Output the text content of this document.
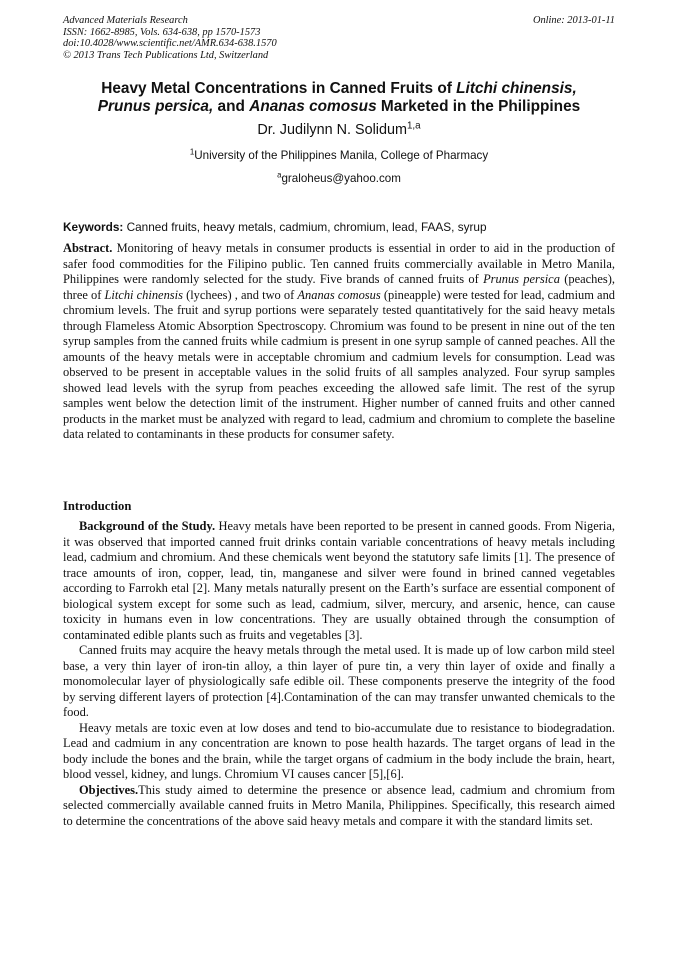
Advanced Materials Research
ISSN: 1662-8985, Vols. 634-638, pp 1570-1573
doi:10.4028/www.scientific.net/AMR.634-638.1570
© 2013 Trans Tech Publications Ltd, Switzerland
Online: 2013-01-11
Heavy Metal Concentrations in Canned Fruits of Litchi chinensis,
Prunus persica, and Ananas comosus Marketed in the Philippines
Dr. Judilynn N. Solidum$^{1,a}$
$^1$University of the Philippines Manila, College of Pharmacy
$^a$graloheus@yahoo.com
Keywords: Canned fruits, heavy metals, cadmium, chromium, lead, FAAS, syrup

Abstract. Monitoring of heavy metals in consumer products is essential in order to aid in the production of safer food commodities for the Filipino public. Ten canned fruits commercially available in Metro Manila, Philippines were randomly selected for the study. Five brands of canned fruits of Prunus persica (peaches), three of Litchi chinensis (lychees) , and two of Ananas comosus (pineapple) were tested for lead, cadmium and chromium levels. The fruit and syrup portions were separately tested quantitatively for the said heavy metals through Flameless Atomic Absorption Spectroscopy. Chromium was found to be present in nine out of the ten syrup samples from the canned fruits while cadmium is present in one syrup sample of canned peaches. All the amounts of the heavy metals were in acceptable chromium and cadmium levels for consumption. Lead was observed to be present in acceptable values in the solid fruits of all samples analyzed. Four syrup samples showed lead levels with the syrup from peaches exceeding the allowed safe limit. The rest of the syrup samples went below the detection limit of the instrument. Higher number of canned fruits and other canned products in the market must be analyzed with regard to lead, cadmium and chromium to complete the baseline data related to contaminants in these products for consumer safety.

Introduction

Background of the Study. Heavy metals have been reported to be present in canned goods. From Nigeria, it was observed that imported canned fruit drinks contain variable concentrations of heavy metals including lead, cadmium and chromium. And these chemicals went beyond the statutory safe limits [1]. The presence of trace amounts of iron, copper, lead, tin, manganese and silver were found in brined canned vegetables according to Farrokh etal [2]. Many metals naturally present on the Earth’s surface are essential component of biological system except for some such as lead, cadmium, silver, mercury, and arsenic, hence, can cause toxicity in humans even in low concentrations. They are usually obtained through the consumption of contaminated edible plants such as fruits and vegetables [3].

Canned fruits may acquire the heavy metals through the metal used. It is made up of low carbon mild steel base, a very thin layer of iron-tin alloy, a thin layer of pure tin, a very thin layer of oxide and finally a monomolecular layer of physiologically safe edible oil. These components preserve the integrity of the food by serving different layers of protection [4].Contamination of the can may transfer unwanted chemicals to the food.

Heavy metals are toxic even at low doses and tend to bio-accumulate due to resistance to biodegradation. Lead and cadmium in any concentration are known to pose health hazards. The target organs of lead in the body include the bones and the brain, while the target organs of cadmium in the body include the brain, heart, blood vessel, kidney, and lungs. Chromium VI causes cancer [5],[6].

Objectives.This study aimed to determine the presence or absence lead, cadmium and chromium from selected commercially available canned fruits in Metro Manila, Philippines. Specifically, this research aimed to determine the concentrations of the above said heavy metals and compare it with the standard limits set.
